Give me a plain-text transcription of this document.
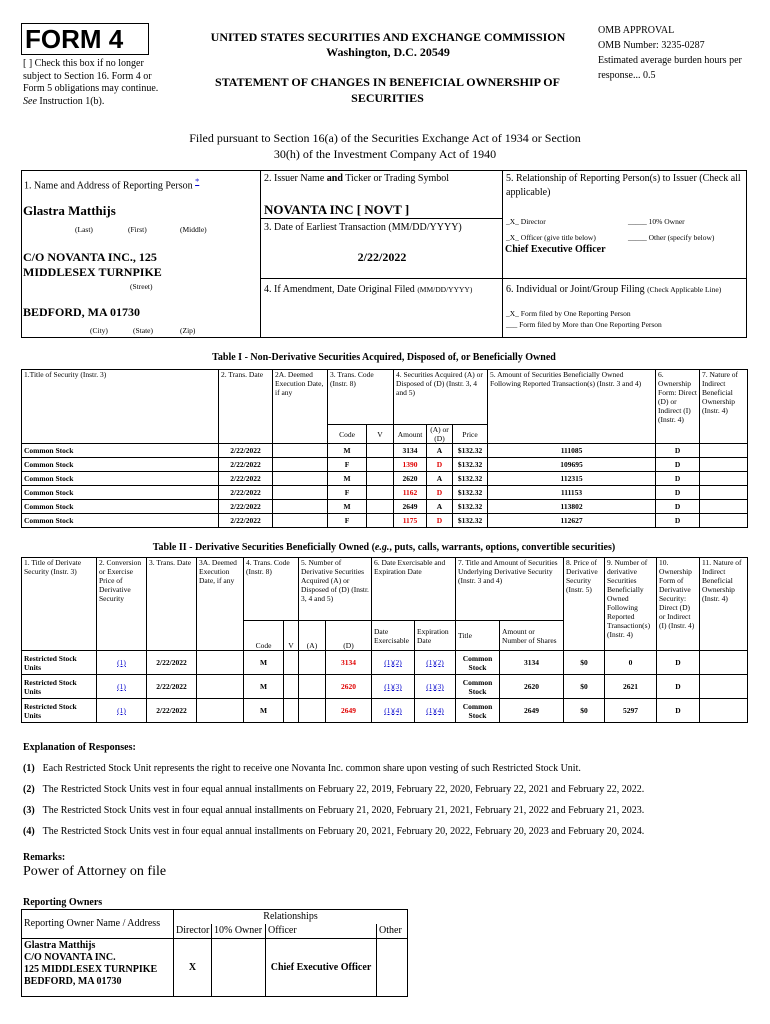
FORM 4
[ ] Check this box if no longer subject to Section 16. Form 4 or Form 5 obligations may continue. See Instruction 1(b).
UNITED STATES SECURITIES AND EXCHANGE COMMISSION
Washington, D.C. 20549
STATEMENT OF CHANGES IN BENEFICIAL OWNERSHIP OF SECURITIES
OMB APPROVAL
OMB Number: 3235-0287
Estimated average burden hours per response... 0.5
Filed pursuant to Section 16(a) of the Securities Exchange Act of 1934 or Section 30(h) of the Investment Company Act of 1940
1. Name and Address of Reporting Person *
Glastra Matthijs
(Last)	(First)	(Middle)
C/O NOVANTA INC., 125 MIDDLESEX TURNPIKE
(Street)
BEDFORD, MA 01730
(City)	(State)	(Zip)
2. Issuer Name and Ticker or Trading Symbol
NOVANTA INC [ NOVT ]
3. Date of Earliest Transaction (MM/DD/YYYY)
2/22/2022
4. If Amendment, Date Original Filed (MM/DD/YYYY)
5. Relationship of Reporting Person(s) to Issuer (Check all applicable)
_X_ Director	_____ 10% Owner
_X_ Officer (give title below)	_____ Other (specify below)
Chief Executive Officer
6. Individual or Joint/Group Filing (Check Applicable Line)
_X_ Form filed by One Reporting Person
___ Form filed by More than One Reporting Person
Table I - Non-Derivative Securities Acquired, Disposed of, or Beneficially Owned
1.Title of Security (Instr. 3)	2. Trans. Date	2A. Deemed Execution Date, if any	3. Trans. Code (Instr. 8)		4. Securities Acquired (A) or Disposed of (D) (Instr. 3, 4 and 5)			5. Amount of Securities Beneficially Owned Following Reported Transaction(s) (Instr. 3 and 4)	6. Ownership Form: Direct (D) or Indirect (I) (Instr. 4)	7. Nature of Indirect Beneficial Ownership (Instr. 4)
			Code	V	Amount	(A) or (D)	Price			
Common Stock	2/22/2022		M		3134	A	$132.32	111085	D	
Common Stock	2/22/2022		F		1390	D	$132.32	109695	D	
Common Stock	2/22/2022		M		2620	A	$132.32	112315	D	
Common Stock	2/22/2022		F		1162	D	$132.32	111153	D	
Common Stock	2/22/2022		M		2649	A	$132.32	113802	D	
Common Stock	2/22/2022		F		1175	D	$132.32	112627	D	
Table II - Derivative Securities Beneficially Owned (e.g., puts, calls, warrants, options, convertible securities)
1. Title of Derivate Security (Instr. 3)	2. Conversion or Exercise Price of Derivative Security	3. Trans. Date	3A. Deemed Execution Date, if any	4. Trans. Code (Instr. 8)		5. Number of Derivative Securities Acquired (A) or Disposed of (D) (Instr. 3, 4 and 5)		6. Date Exercisable and Expiration Date		7. Title and Amount of Securities Underlying Derivative Security (Instr. 3 and 4)		8. Price of Derivative Security (Instr. 5)	9. Number of derivative Securities Beneficially Owned Following Reported Transaction(s) (Instr. 4)	10. Ownership Form of Derivative Security: Direct (D) or Indirect (I) (Instr. 4)	11. Nature of Indirect Beneficial Ownership (Instr. 4)
				Code	V	(A)	(D)	Date Exercisable	Expiration Date	Title	Amount or Number of Shares				
Restricted Stock Units	(1)	2/22/2022		M			3134	(1)(2)	(1)(2)	Common Stock	3134	$0	0	D	
Restricted Stock Units	(1)	2/22/2022		M			2620	(1)(3)	(1)(3)	Common Stock	2620	$0	2621	D	
Restricted Stock Units	(1)	2/22/2022		M			2649	(1)(4)	(1)(4)	Common Stock	2649	$0	5297	D	
Explanation of Responses:
(1) Each Restricted Stock Unit represents the right to receive one Novanta Inc. common share upon vesting of such Restricted Stock Unit.
(2) The Restricted Stock Units vest in four equal annual installments on February 22, 2019, February 22, 2020, February 22, 2021 and February 22, 2022.
(3) The Restricted Stock Units vest in four equal annual installments on February 21, 2020, February 21, 2021, February 21, 2022 and February 21, 2023.
(4) The Restricted Stock Units vest in four equal annual installments on February 20, 2021, February 20, 2022, February 20, 2023 and February 20, 2024.
Remarks:
Power of Attorney on file
Reporting Owners
Reporting Owner Name / Address	Relationships			
	Director	10% Owner	Officer	Other

Glastra Matthijs
C/O NOVANTA INC.
125 MIDDLESEX TURNPIKE
BEDFORD, MA 01730	X		Chief Executive Officer	
